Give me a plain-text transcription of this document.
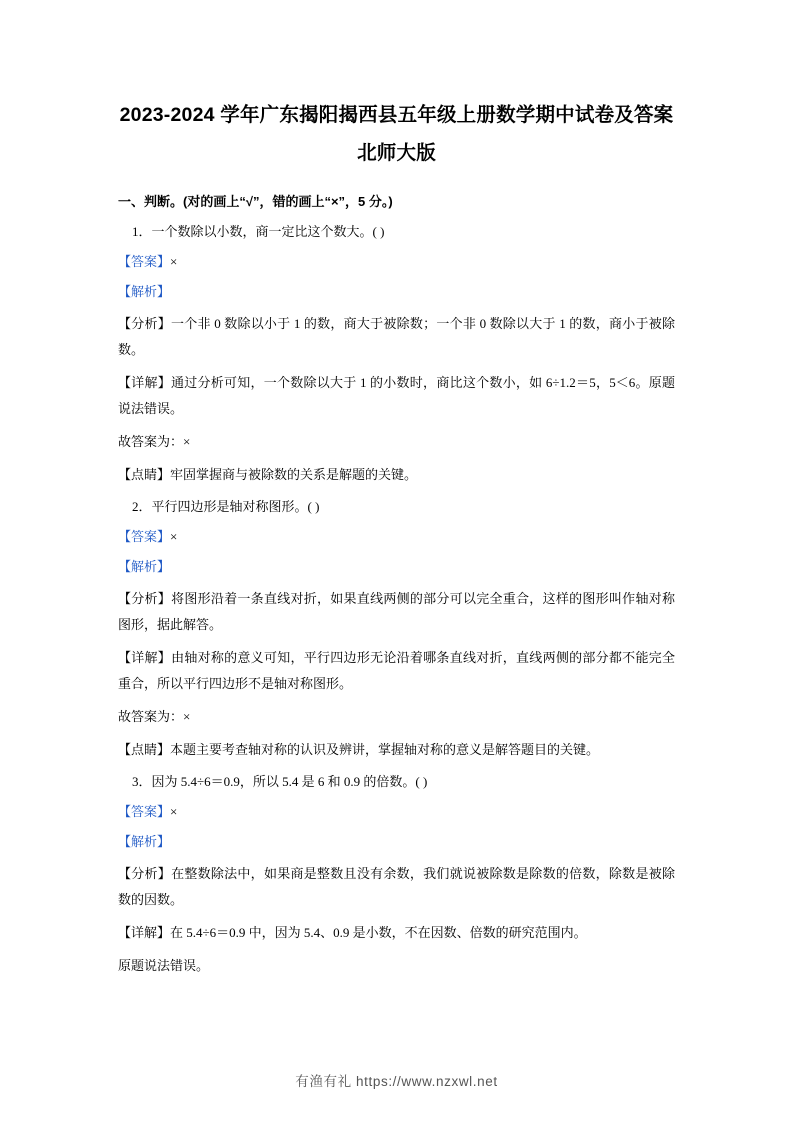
2023-2024 学年广东揭阳揭西县五年级上册数学期中试卷及答案北师大版
一、判断。(对的画上“√”，错的画上“×”，5 分。)
1．一个数除以小数，商一定比这个数大。( )
【答案】×
【解析】
【分析】一个非 0 数除以小于 1 的数，商大于被除数；一个非 0 数除以大于 1 的数，商小于被除数。
【详解】通过分析可知，一个数除以大于 1 的小数时，商比这个数小，如 6÷1.2＝5，5＜6。原题说法错误。
故答案为：×
【点睛】牢固掌握商与被除数的关系是解题的关键。
2．平行四边形是轴对称图形。( )
【答案】×
【解析】
【分析】将图形沿着一条直线对折，如果直线两侧的部分可以完全重合，这样的图形叫作轴对称图形，据此解答。
【详解】由轴对称的意义可知，平行四边形无论沿着哪条直线对折，直线两侧的部分都不能完全重合，所以平行四边形不是轴对称图形。
故答案为：×
【点睛】本题主要考查轴对称的认识及辨讲，掌握轴对称的意义是解答题目的关键。
3．因为 5.4÷6＝0.9，所以 5.4 是 6 和 0.9 的倍数。( )
【答案】×
【解析】
【分析】在整数除法中，如果商是整数且没有余数，我们就说被除数是除数的倍数，除数是被除数的因数。
【详解】在 5.4÷6＝0.9 中，因为 5.4、0.9 是小数，不在因数、倍数的研究范围内。
原题说法错误。
有渔有礼 https://www.nzxwl.net
